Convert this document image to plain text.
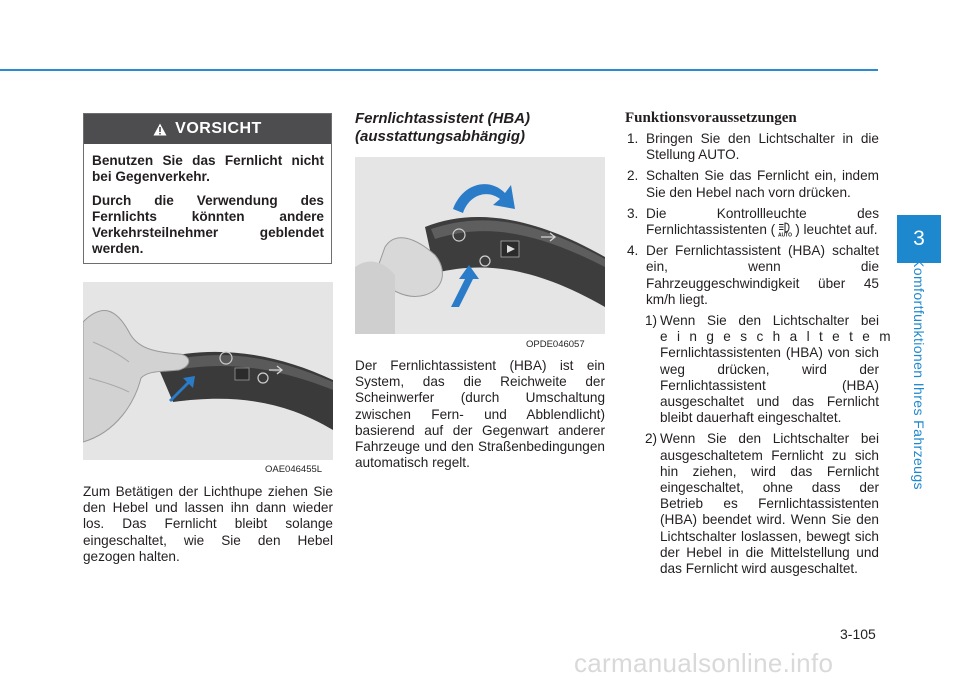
3
Komfortfunktionen Ihres Fahrzeugs
VORSICHT

Benutzen Sie das Fernlicht nicht bei Gegenverkehr.

Durch die Verwendung des Fernlichts könnten andere Verkehrsteilnehmer geblendet werden.

OAE046455L

Zum Betätigen der Lichthupe ziehen Sie den Hebel und lassen ihn dann wieder los. Das Fernlicht bleibt solange eingeschaltet, wie Sie den Hebel gezogen halten.

Fernlichtassistent (HBA)
(ausstattungsabhängig)
OPDE046057

Der Fernlichtassistent (HBA) ist ein System, das die Reichweite der Scheinwerfer (durch Umschaltung zwischen Fern- und Abblendlicht) basierend auf der Gegenwart anderer Fahrzeuge und den Straßenbedingungen automatisch regelt.

Funktionsvoraussetzungen
1. Bringen Sie den Lichtschalter in die Stellung AUTO.
2. Schalten Sie das Fernlicht ein, indem Sie den Hebel nach vorn drücken.
3. Die Kontrollleuchte des Fernlichtassistenten ( AUTO ) leuchtet auf.
4. Der Fernlichtassistent (HBA) schaltet ein, wenn die Fahrzeuggeschwindigkeit über 45 km/h liegt.
1) Wenn Sie den Lichtschalter bei eingeschaltetem Fernlichtassistenten (HBA) von sich weg drücken, wird der Fernlichtassistent (HBA) ausgeschaltet und das Fernlicht bleibt dauerhaft eingeschaltet.
2) Wenn Sie den Lichtschalter bei ausgeschaltetem Fernlicht zu sich hin ziehen, wird das Fernlicht eingeschaltet, ohne dass der Betrieb es Fernlichtassistenten (HBA) beendet wird. Wenn Sie den Lichtschalter loslassen, bewegt sich der Hebel in die Mittelstellung und das Fernlicht wird ausgeschaltet.
3-105
carmanualsonline.info
